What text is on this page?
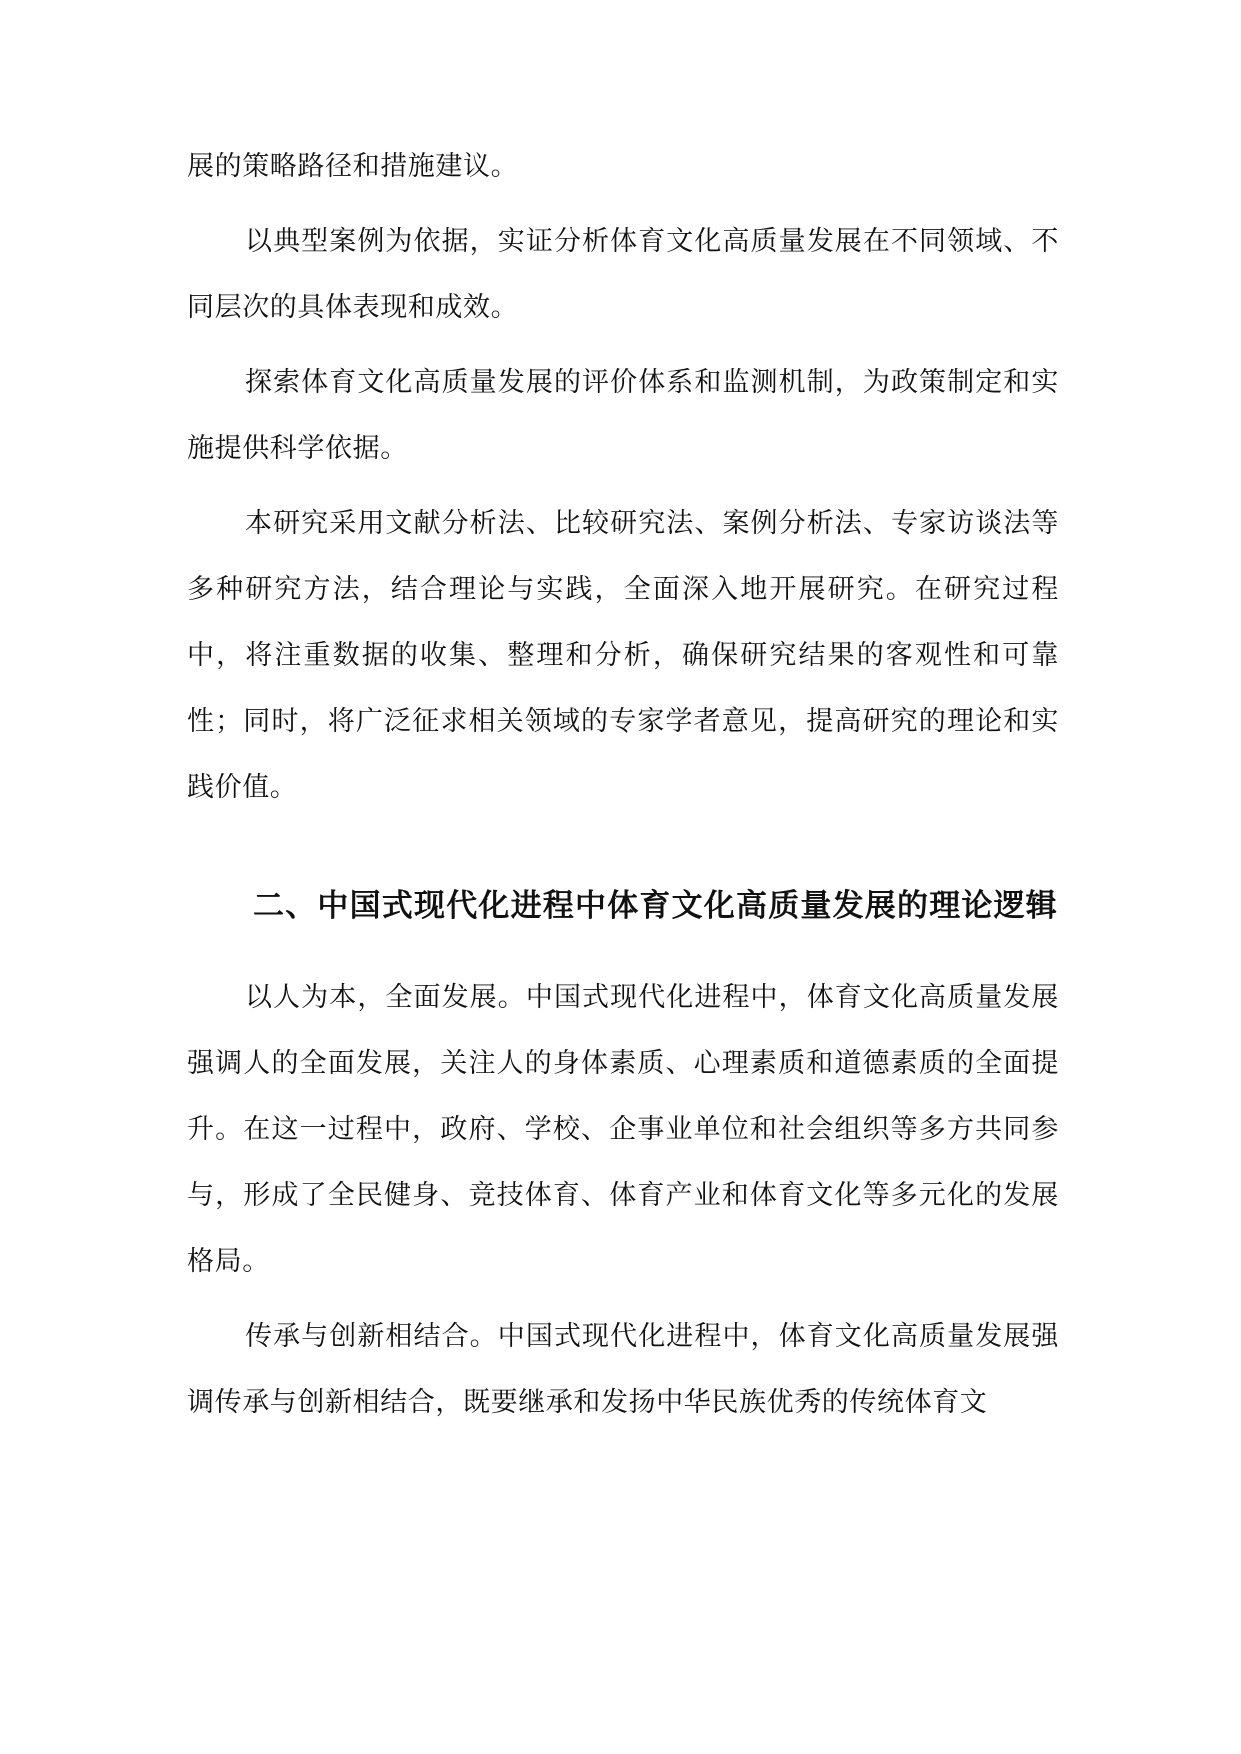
展的策略路径和措施建议。

以典型案例为依据，实证分析体育文化高质量发展在不同领域、不同层次的具体表现和成效。

探索体育文化高质量发展的评价体系和监测机制，为政策制定和实施提供科学依据。

本研究采用文献分析法、比较研究法、案例分析法、专家访谈法等多种研究方法，结合理论与实践，全面深入地开展研究。在研究过程中，将注重数据的收集、整理和分析，确保研究结果的客观性和可靠性；同时，将广泛征求相关领域的专家学者意见，提高研究的理论和实践价值。

二、中国式现代化进程中体育文化高质量发展的理论逻辑

以人为本，全面发展。中国式现代化进程中，体育文化高质量发展强调人的全面发展，关注人的身体素质、心理素质和道德素质的全面提升。在这一过程中，政府、学校、企事业单位和社会组织等多方共同参与，形成了全民健身、竞技体育、体育产业和体育文化等多元化的发展格局。

传承与创新相结合。中国式现代化进程中，体育文化高质量发展强调传承与创新相结合，既要继承和发扬中华民族优秀的传统体育文
